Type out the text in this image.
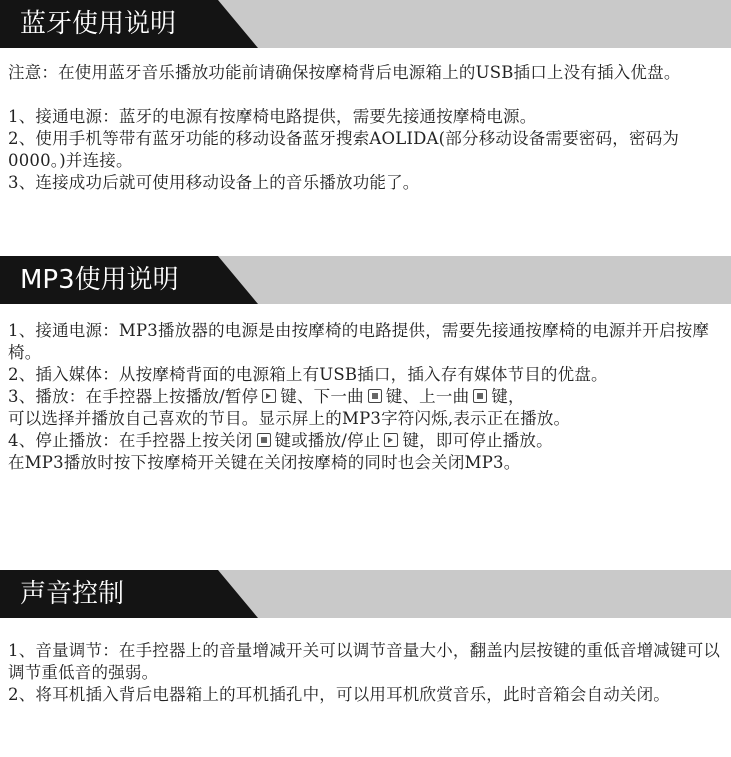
蓝牙使用说明

注意：在使用蓝牙音乐播放功能前请确保按摩椅背后电源箱上的USB插口上没有插入优盘。

1、接通电源：蓝牙的电源有按摩椅电路提供，需要先接通按摩椅电源。

2、使用手机等带有蓝牙功能的移动设备蓝牙搜索AOLIDA(部分移动设备需要密码，密码为0000。)并连接。

3、连接成功后就可使用移动设备上的音乐播放功能了。

MP3使用说明

1、接通电源：MP3播放器的电源是由按摩椅的电路提供，需要先接通按摩椅的电源并开启按摩椅。

2、插入媒体：从按摩椅背面的电源箱上有USB插口，插入存有媒体节目的优盘。

3、播放：在手控器上按播放/暂停 键、下一曲 键、上一曲 键，

可以选择并播放自己喜欢的节目。显示屏上的MP3字符闪烁,表示正在播放。

4、停止播放：在手控器上按关闭 键或播放/停止 键，即可停止播放。

在MP3播放时按下按摩椅开关键在关闭按摩椅的同时也会关闭MP3。

声音控制

1、音量调节：在手控器上的音量增减开关可以调节音量大小，翻盖内层按键的重低音增减键可以调节重低音的强弱。

2、将耳机插入背后电器箱上的耳机插孔中，可以用耳机欣赏音乐，此时音箱会自动关闭。
